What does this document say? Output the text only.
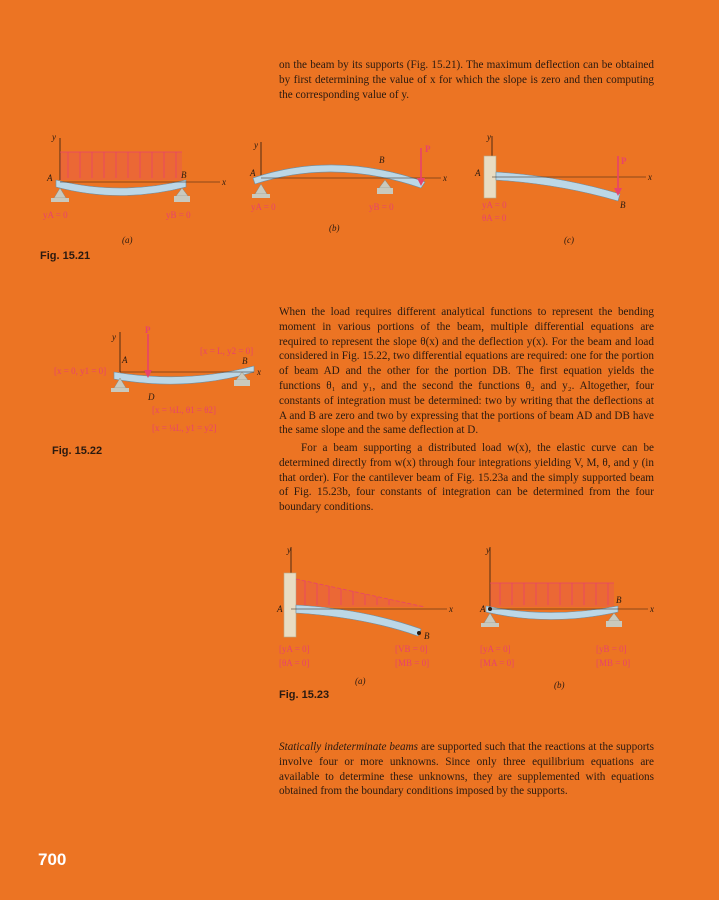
on the beam by its supports (Fig. 15.21). The maximum deflection can be obtained by first determining the value of x for which the slope is zero and then computing the corresponding value of y.

y
x
A	B
yA = 0	yB = 0
(a)
y
x
A
B
P
yA = 0	yB = 0
(b)
y
x
A
B
P
yA = 0
θA = 0
(c)
Fig. 15.21
y
x
A	B
D
P
[x = 0, y1 = 0]
[x = L, y2 = 0]
[x = ¼L, θ1 = θ2]
[x = ¼L, y1 = y2]
Fig. 15.22

When the load requires different analytical functions to represent the bending moment in various portions of the beam, multiple differential equations are required to represent the slope θ(x) and the deflection y(x). For the beam and load considered in Fig. 15.22, two differential equations are required: one for the portion of beam AD and the other for the portion DB. The first equation yields the functions θ₁ and y₁, and the second the functions θ₂ and y₂. Altogether, four constants of integration must be determined: two by writing that the deflections at A and B are zero and two by expressing that the portions of beam AD and DB have the same slope and the same deflection at D.

For a beam supporting a distributed load w(x), the elastic curve can be determined directly from w(x) through four integrations yielding V, M, θ, and y (in that order). For the cantilever beam of Fig. 15.23a and the simply supported beam of Fig. 15.23b, four constants of integration can be determined from the four boundary conditions.

y
x
A
B
[yA = 0]
[θA = 0]
[VB = 0]
[MB = 0]
(a)
y
x
A
B
[yA = 0]
[MA = 0]
[yB = 0]
[MB = 0]
(b)
Fig. 15.23

Statically indeterminate beams are supported such that the reactions at the supports involve four or more unknowns. Since only three equilibrium equations are available to determine these unknowns, they are supplemented with equations obtained from the boundary conditions imposed by the supports.

700
